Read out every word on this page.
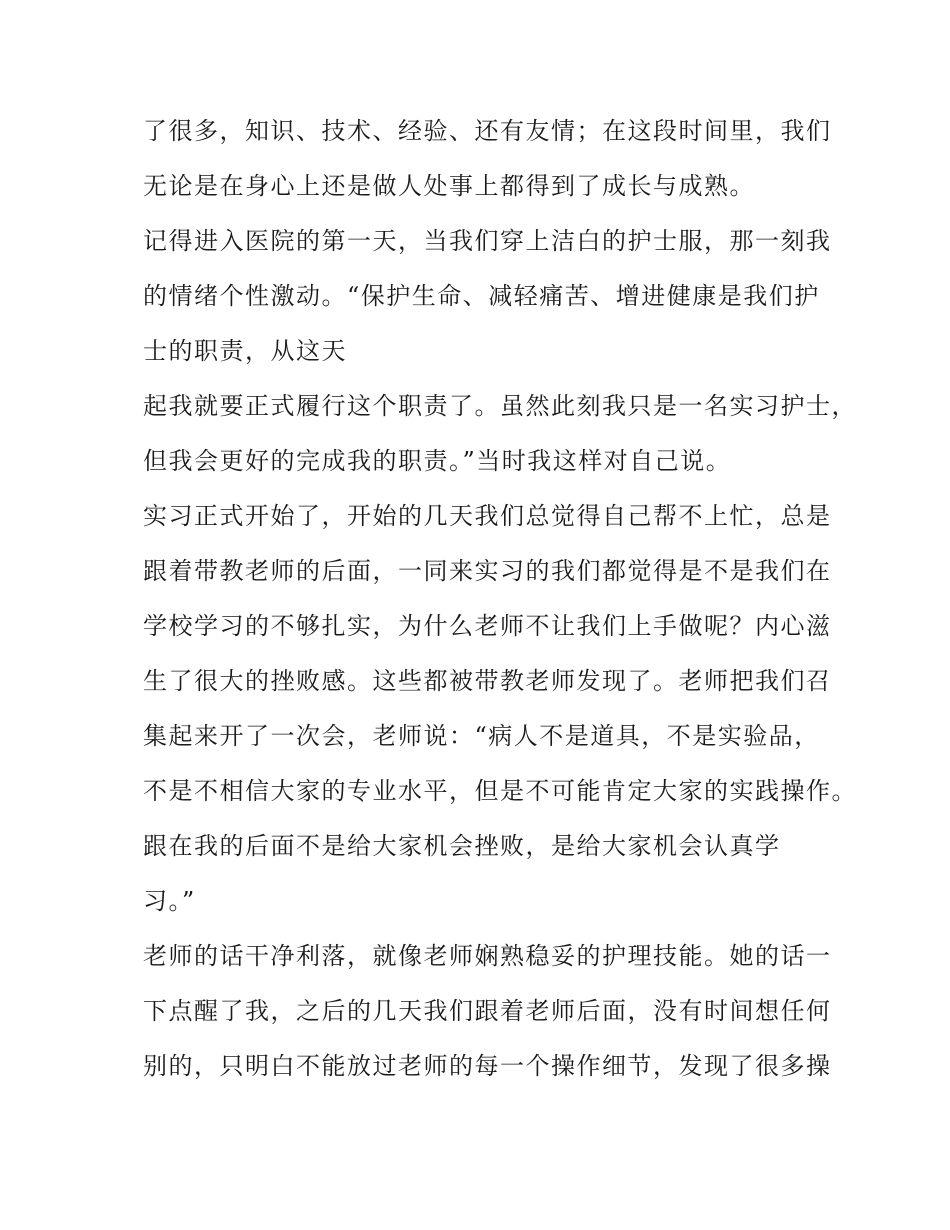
了很多，知识、技术、经验、还有友情；在这段时间里，我们
无论是在身心上还是做人处事上都得到了成长与成熟。
记得进入医院的第一天，当我们穿上洁白的护士服，那一刻我
的情绪个性激动。“保护生命、减轻痛苦、增进健康是我们护
士的职责，从这天
起我就要正式履行这个职责了。虽然此刻我只是一名实习护士，
但我会更好的完成我的职责。”当时我这样对自己说。
实习正式开始了，开始的几天我们总觉得自己帮不上忙，总是
跟着带教老师的后面，一同来实习的我们都觉得是不是我们在
学校学习的不够扎实，为什么老师不让我们上手做呢？内心滋
生了很大的挫败感。这些都被带教老师发现了。老师把我们召
集起来开了一次会，老师说：“病人不是道具，不是实验品，
不是不相信大家的专业水平，但是不可能肯定大家的实践操作。
跟在我的后面不是给大家机会挫败，是给大家机会认真学
习。”
老师的话干净利落，就像老师娴熟稳妥的护理技能。她的话一
下点醒了我，之后的几天我们跟着老师后面，没有时间想任何
别的，只明白不能放过老师的每一个操作细节，发现了很多操
